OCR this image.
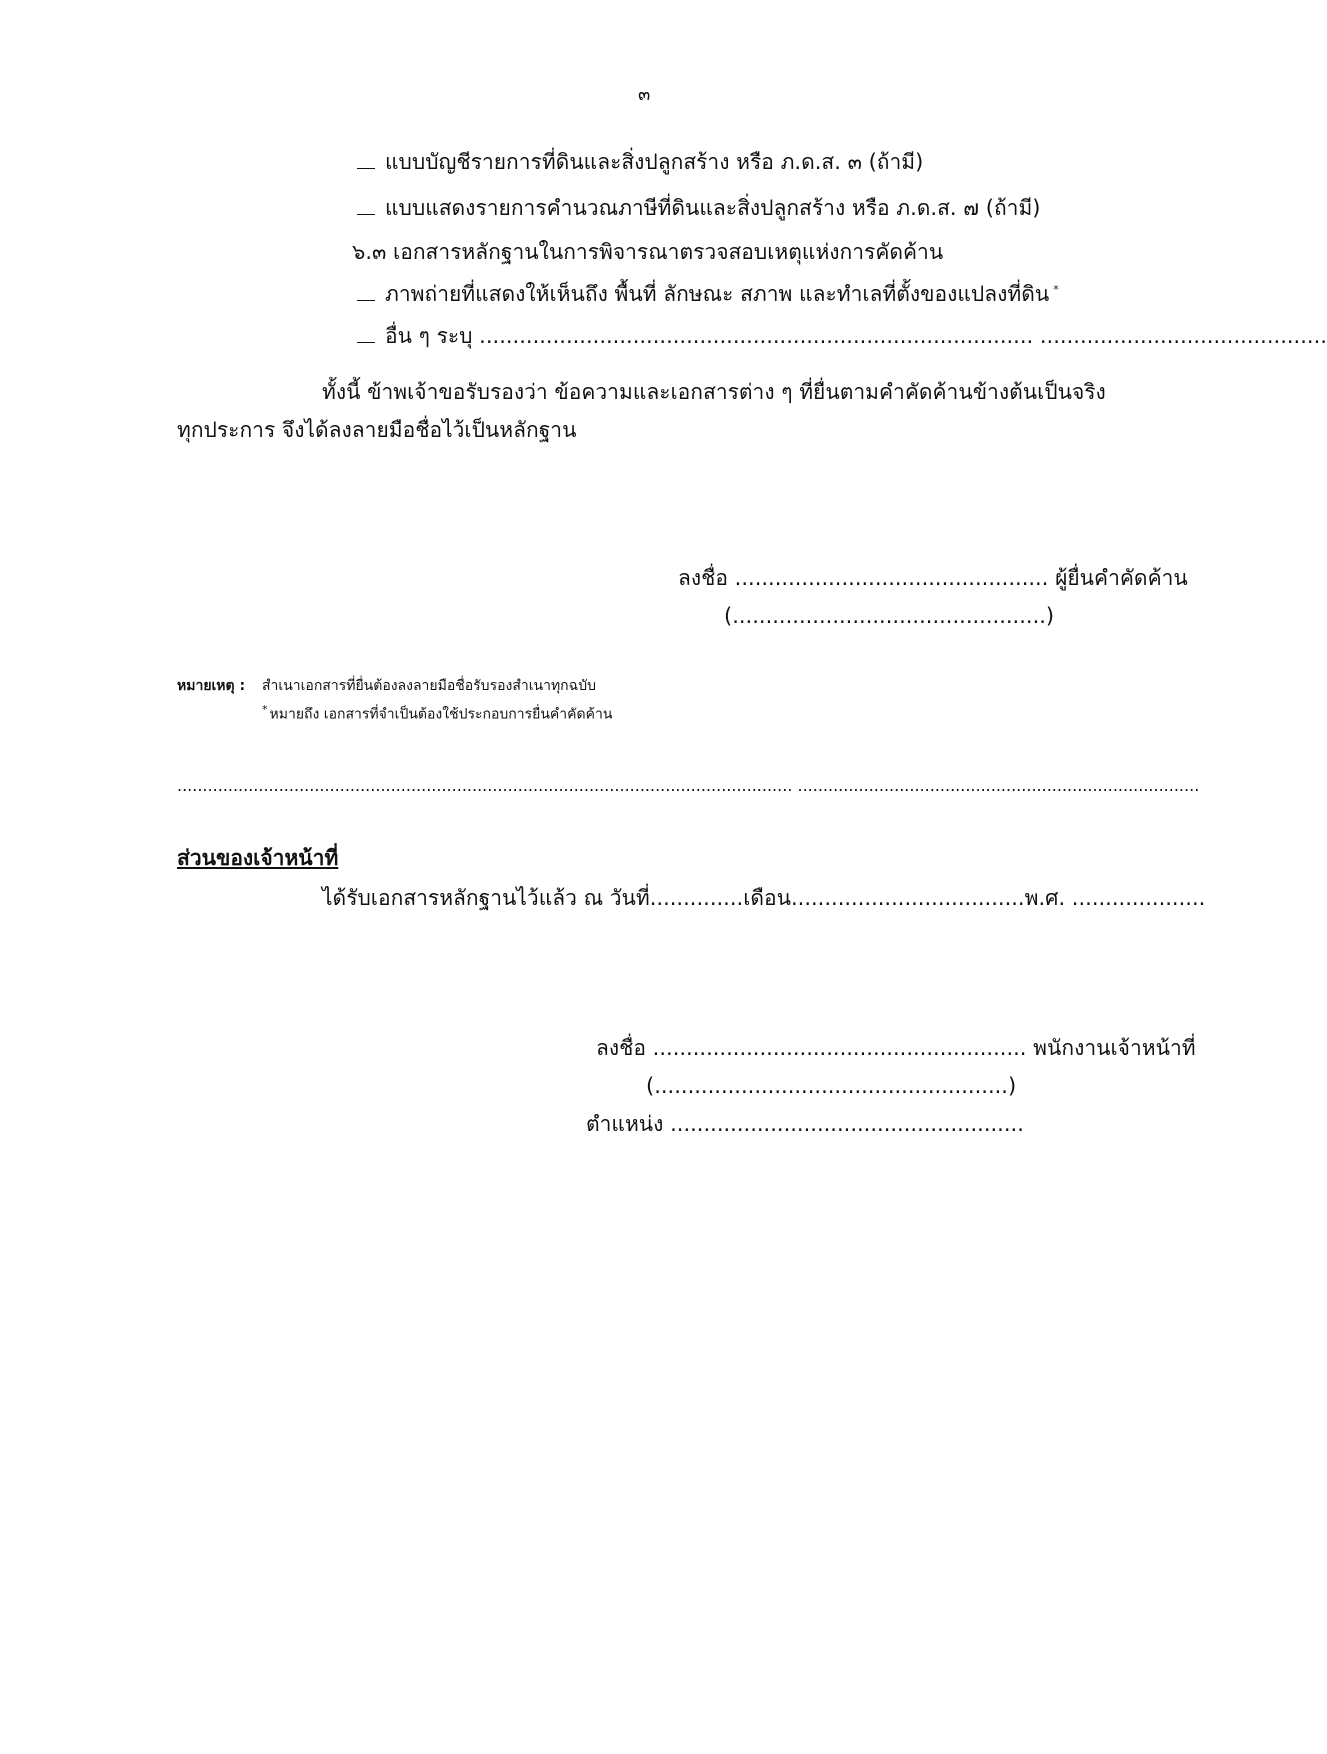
๓
แบบบัญชีรายการที่ดินและสิ่งปลูกสร้าง หรือ ภ.ด.ส. ๓ (ถ้ามี)
แบบแสดงรายการคำนวณภาษีที่ดินและสิ่งปลูกสร้าง หรือ ภ.ด.ส. ๗ (ถ้ามี)
๖.๓ เอกสารหลักฐานในการพิจารณาตรวจสอบเหตุแห่งการคัดค้าน
ภาพถ่ายที่แสดงให้เห็นถึง พื้นที่ ลักษณะ สภาพ และทำเลที่ตั้งของแปลงที่ดิน *
อื่น ๆ ระบุ ................................................................................... ...........................................
ทั้งนี้ ข้าพเจ้าขอรับรองว่า ข้อความและเอกสารต่าง ๆ ที่ยื่นตามคำคัดค้านข้างต้นเป็นจริง
ทุกประการ จึงได้ลงลายมือชื่อไว้เป็นหลักฐาน
ลงชื่อ ............................................... ผู้ยื่นคำคัดค้าน
(...............................................)
หมายเหตุ : สำเนาเอกสารที่ยื่นต้องลงลายมือชื่อรับรองสำเนาทุกฉบับ
* หมายถึง เอกสารที่จำเป็นต้องใช้ประกอบการยื่นคำคัดค้าน
......................................................................................................................... ...............................................................................
ส่วนของเจ้าหน้าที่
ได้รับเอกสารหลักฐานไว้แล้ว ณ วันที่..............เดือน...................................พ.ศ. ....................
ลงชื่อ ........................................................ พนักงานเจ้าหน้าที่
(.....................................................)
ตำแหน่ง .....................................................
